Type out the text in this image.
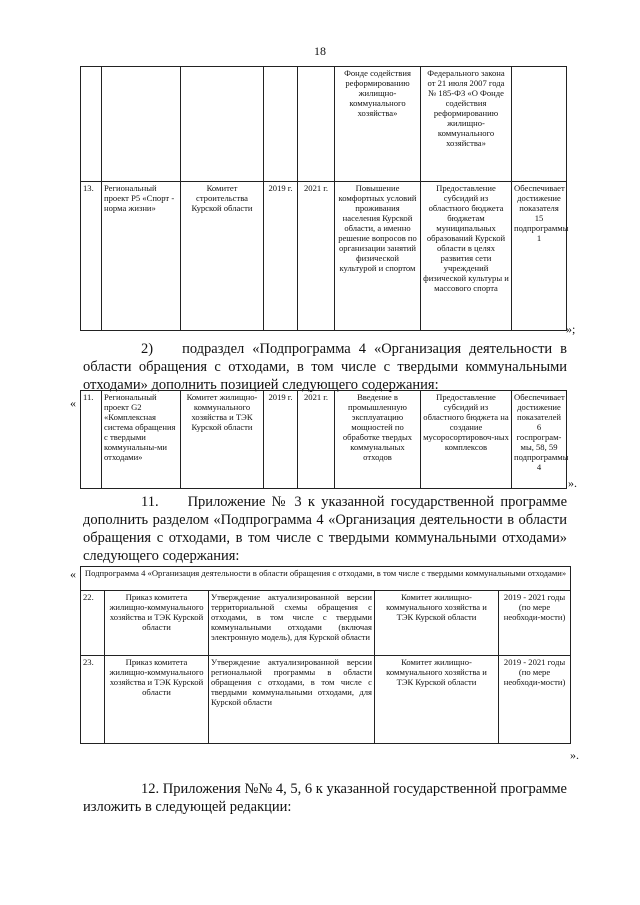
18
					Фонде содействия реформированию жилищно-коммунального хозяйства»	Федерального закона от 21 июля 2007 года № 185-ФЗ «О Фонде содействия реформированию жилищно-коммунального хозяйства»	
13.	Региональный проект Р5 «Спорт - норма жизни»	Комитет строительства Курской области	2019 г.	2021 г.	Повышение комфортных условий проживания населения Курской области, а именно решение вопросов по организации занятий физической культурой и спортом	Предоставление субсидий из областного бюджета бюджетам муниципальных образований Курской области в целях развития сети учреждений физической культуры и массового спорта	Обеспечивает достижение показателя 15 подпрограммы 1
»;
2)  подраздел «Подпрограмма 4 «Организация деятельности в области обращения с отходами, в том числе с твердыми коммунальными отходами» дополнить позицией следующего содержания:
« 11.	Региональный проект G2 «Комплексная система обращения с твердыми коммунальны-ми отходами»	Комитет жилищно-коммунального хозяйства и ТЭК Курской области	2019 г.	2021 г.	Введение в промышленную эксплуатацию мощностей по обработке твердых коммунальных отходов	Предоставление субсидий из областного бюджета на создание мусоросортировоч-ных комплексов	Обеспечивает достижение показателей 6 госпрограм-мы, 58, 59 подпрограммы 4
».
11.  Приложение № 3 к указанной государственной программе дополнить разделом «Подпрограмма 4 «Организация деятельности в области обращения с отходами, в том числе с твердыми коммунальными отходами» следующего содержания:
« Подпрограмма 4 «Организация деятельности в области обращения с отходами, в том числе с твердыми коммунальными отходами»				
22.	Приказ комитета жилищно-коммунального хозяйства и ТЭК Курской области	Утверждение актуализированной версии территориальной схемы обращения с отходами, в том числе с твердыми коммунальными отходами (включая электронную модель), для Курской области	Комитет жилищно-коммунального хозяйства и ТЭК Курской области	2019 - 2021 годы (по мере необходи-мости)
23.	Приказ комитета жилищно-коммунального хозяйства и ТЭК Курской области	Утверждение актуализированной версии региональной программы в области обращения с отходами, в том числе с твердыми коммунальными отходами, для Курской области	Комитет жилищно-коммунального хозяйства и ТЭК Курской области	2019 - 2021 годы (по мере необходи-мости)
».
12. Приложения №№ 4, 5, 6 к указанной государственной программе изложить в следующей редакции:
